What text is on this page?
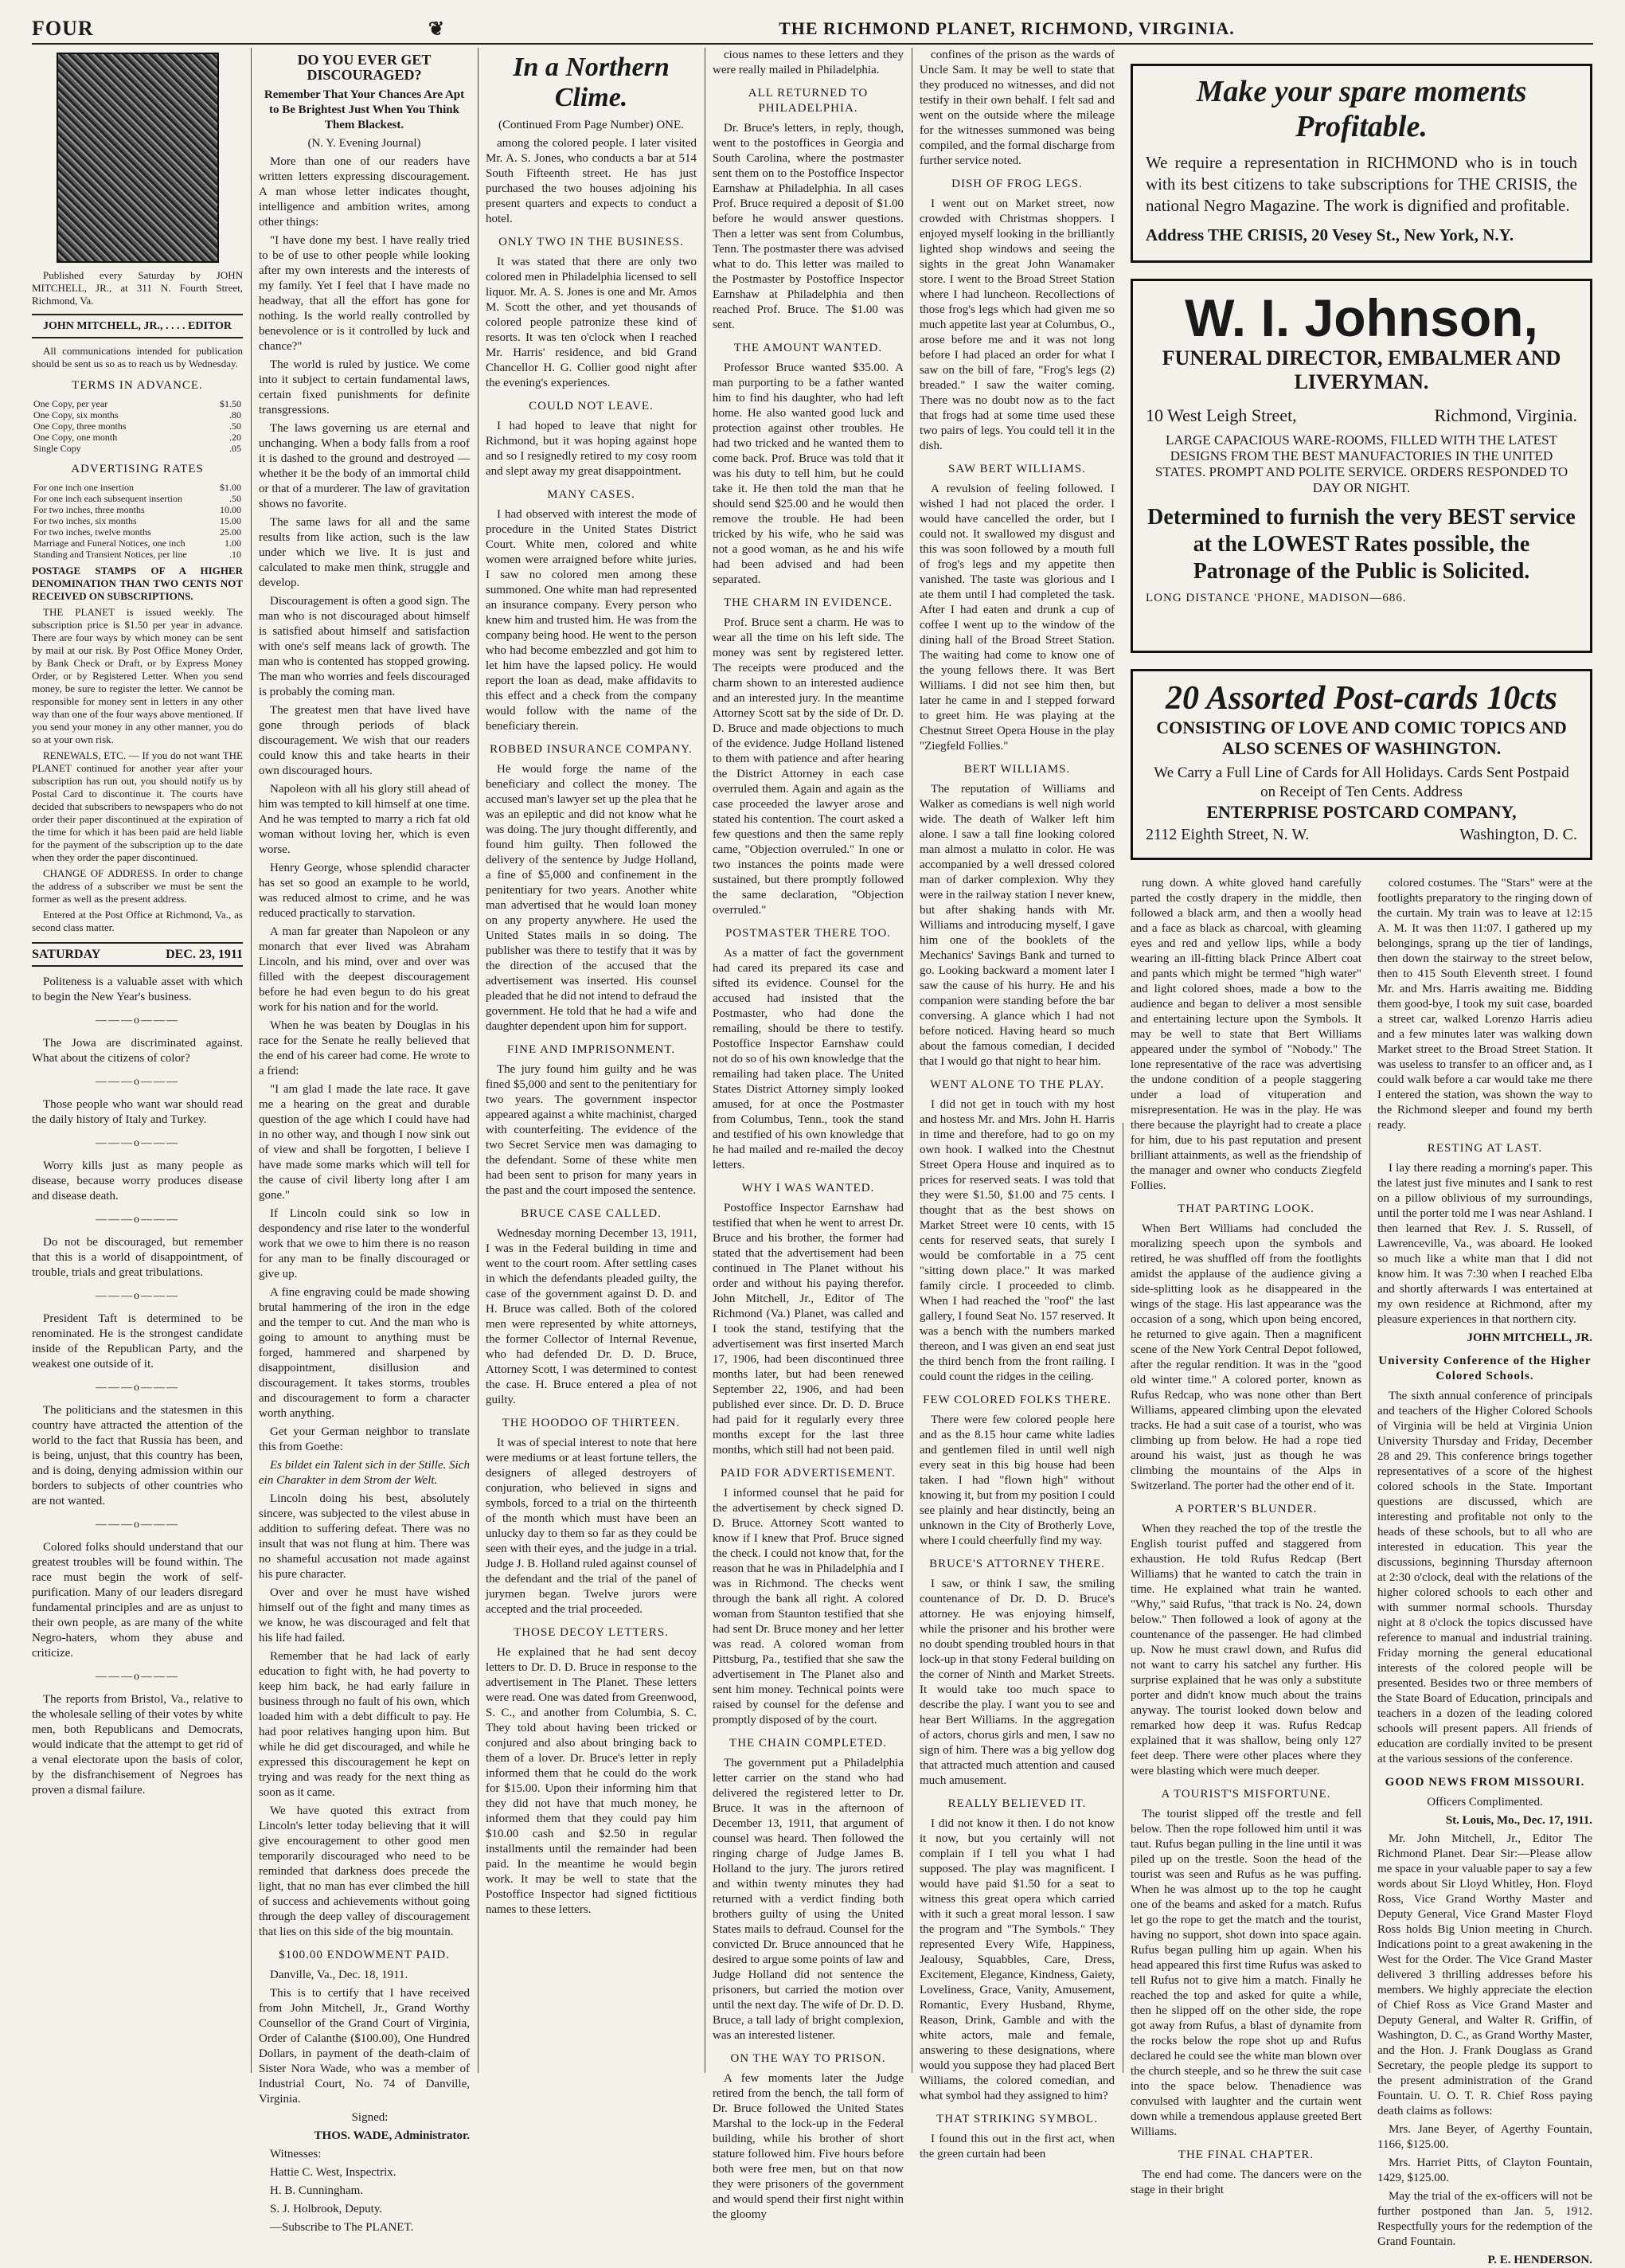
FOUR	❦	THE RICHMOND PLANET, RICHMOND, VIRGINIA.

Published every Saturday by JOHN MITCHELL, JR., at 311 N. Fourth Street, Richmond, Va.

JOHN MITCHELL, JR., . . . . EDITOR

All communications intended for publication should be sent us so as to reach us by Wednesday.

TERMS IN ADVANCE.
One Copy, per year	$1.50
One Copy, six months	.80
One Copy, three months	.50
One Copy, one month	.20
Single Copy	.05
ADVERTISING RATES
For one inch one insertion	$1.00
For one inch each subsequent insertion	.50
For two inches, three months	10.00
For two inches, six months	15.00
For two inches, twelve months	25.00
Marriage and Funeral Notices, one inch	1.00
Standing and Transient Notices, per line	.10

POSTAGE STAMPS OF A HIGHER DENOMINATION THAN TWO CENTS NOT RECEIVED ON SUBSCRIPTIONS.

THE PLANET is issued weekly. The subscription price is $1.50 per year in advance. There are four ways by which money can be sent by mail at our risk. By Post Office Money Order, by Bank Check or Draft, or by Express Money Order, or by Registered Letter. When you send money, be sure to register the letter. We cannot be responsible for money sent in letters in any other way than one of the four ways above mentioned. If you send your money in any other manner, you do so at your own risk.

RENEWALS, ETC. — If you do not want THE PLANET continued for another year after your subscription has run out, you should notify us by Postal Card to discontinue it. The courts have decided that subscribers to newspapers who do not order their paper discontinued at the expiration of the time for which it has been paid are held liable for the payment of the subscription up to the date when they order the paper discontinued.

CHANGE OF ADDRESS. In order to change the address of a subscriber we must be sent the former as well as the present address.

Entered at the Post Office at Richmond, Va., as second class matter.

SATURDAY	DEC. 23, 1911

Politeness is a valuable asset with which to begin the New Year's business.

———o———

The Jowa are discriminated against. What about the citizens of color?

———o———

Those people who want war should read the daily history of Italy and Turkey.

———o———

Worry kills just as many people as disease, because worry produces disease and disease death.

———o———

Do not be discouraged, but remember that this is a world of disappointment, of trouble, trials and great tribulations.

———o———

President Taft is determined to be renominated. He is the strongest candidate inside of the Republican Party, and the weakest one outside of it.

———o———

The politicians and the statesmen in this country have attracted the attention of the world to the fact that Russia has been, and is being, unjust, that this country has been, and is doing, denying admission within our borders to subjects of other countries who are not wanted.

———o———

Colored folks should understand that our greatest troubles will be found within. The race must begin the work of self-purification. Many of our leaders disregard fundamental principles and are as unjust to their own people, as are many of the white Negro-haters, whom they abuse and criticize.

———o———

The reports from Bristol, Va., relative to the wholesale selling of their votes by white men, both Republicans and Democrats, would indicate that the attempt to get rid of a venal electorate upon the basis of color, by the disfranchisement of Negroes has proven a dismal failure.

DO YOU EVER GET DISCOURAGED?

Remember That Your Chances Are Apt to Be Brightest Just When You Think Them Blackest.

(N. Y. Evening Journal)

More than one of our readers have written letters expressing discouragement. A man whose letter indicates thought, intelligence and ambition writes, among other things:

"I have done my best. I have really tried to be of use to other people while looking after my own interests and the interests of my family. Yet I feel that I have made no headway, that all the effort has gone for nothing. Is the world really controlled by benevolence or is it controlled by luck and chance?"

The world is ruled by justice. We come into it subject to certain fundamental laws, certain fixed punishments for definite transgressions.

The laws governing us are eternal and unchanging. When a body falls from a roof it is dashed to the ground and destroyed — whether it be the body of an immortal child or that of a murderer. The law of gravitation shows no favorite.

The same laws for all and the same results from like action, such is the law under which we live. It is just and calculated to make men think, struggle and develop.

Discouragement is often a good sign. The man who is not discouraged about himself is satisfied about himself and satisfaction with one's self means lack of growth. The man who is contented has stopped growing. The man who worries and feels discouraged is probably the coming man.

The greatest men that have lived have gone through periods of black discouragement. We wish that our readers could know this and take hearts in their own discouraged hours.

Napoleon with all his glory still ahead of him was tempted to kill himself at one time. And he was tempted to marry a rich fat old woman without loving her, which is even worse.

Henry George, whose splendid character has set so good an example to he world, was reduced almost to crime, and he was reduced practically to starvation.

A man far greater than Napoleon or any monarch that ever lived was Abraham Lincoln, and his mind, over and over was filled with the deepest discouragement before he had even begun to do his great work for his nation and for the world.

When he was beaten by Douglas in his race for the Senate he really believed that the end of his career had come. He wrote to a friend:

"I am glad I made the late race. It gave me a hearing on the great and durable question of the age which I could have had in no other way, and though I now sink out of view and shall be forgotten, I believe I have made some marks which will tell for the cause of civil liberty long after I am gone."

If Lincoln could sink so low in despondency and rise later to the wonderful work that we owe to him there is no reason for any man to be finally discouraged or give up.

A fine engraving could be made showing brutal hammering of the iron in the edge and the temper to cut. And the man who is going to amount to anything must be forged, hammered and sharpened by disappointment, disillusion and discouragement. It takes storms, troubles and discouragement to form a character worth anything.

Get your German neighbor to translate this from Goethe:

Es bildet ein Talent sich in der Stille. Sich ein Charakter in dem Strom der Welt.

Lincoln doing his best, absolutely sincere, was subjected to the vilest abuse in addition to suffering defeat. There was no insult that was not flung at him. There was no shameful accusation not made against his pure character.

Over and over he must have wished himself out of the fight and many times as we know, he was discouraged and felt that his life had failed.

Remember that he had lack of early education to fight with, he had poverty to keep him back, he had early failure in business through no fault of his own, which loaded him with a debt difficult to pay. He had poor relatives hanging upon him. But while he did get discouraged, and while he expressed this discouragement he kept on trying and was ready for the next thing as soon as it came.

We have quoted this extract from Lincoln's letter today believing that it will give encouragement to other good men temporarily discouraged who need to be reminded that darkness does precede the light, that no man has ever climbed the hill of success and achievements without going through the deep valley of discouragement that lies on this side of the big mountain.

$100.00 ENDOWMENT PAID.

Danville, Va., Dec. 18, 1911.

This is to certify that I have received from John Mitchell, Jr., Grand Worthy Counsellor of the Grand Court of Virginia, Order of Calanthe ($100.00), One Hundred Dollars, in payment of the death-claim of Sister Nora Wade, who was a member of Industrial Court, No. 74 of Danville, Virginia.

Signed:

THOS. WADE, Administrator.

Witnesses:

Hattie C. West, Inspectrix.

H. B. Cunningham.

S. J. Holbrook, Deputy.

—Subscribe to The PLANET.

In a Northern Clime.

(Continued From Page Number) ONE.

among the colored people. I later visited Mr. A. S. Jones, who conducts a bar at 514 South Fifteenth street. He has just purchased the two houses adjoining his present quarters and expects to conduct a hotel.

ONLY TWO IN THE BUSINESS.

It was stated that there are only two colored men in Philadelphia licensed to sell liquor. Mr. A. S. Jones is one and Mr. Amos M. Scott the other, and yet thousands of colored people patronize these kind of resorts. It was ten o'clock when I reached Mr. Harris' residence, and bid Grand Chancellor H. G. Collier good night after the evening's experiences.

COULD NOT LEAVE.

I had hoped to leave that night for Richmond, but it was hoping against hope and so I resignedly retired to my cosy room and slept away my great disappointment.

MANY CASES.

I had observed with interest the mode of procedure in the United States District Court. White men, colored and white women were arraigned before white juries. I saw no colored men among these summoned. One white man had represented an insurance company. Every person who knew him and trusted him. He was from the company being hood. He went to the person who had become embezzled and got him to let him have the lapsed policy. He would report the loan as dead, make affidavits to this effect and a check from the company would follow with the name of the beneficiary therein.

ROBBED INSURANCE COMPANY.

He would forge the name of the beneficiary and collect the money. The accused man's lawyer set up the plea that he was an epileptic and did not know what he was doing. The jury thought differently, and found him guilty. Then followed the delivery of the sentence by Judge Holland, a fine of $5,000 and confinement in the penitentiary for two years. Another white man advertised that he would loan money on any property anywhere. He used the United States mails in so doing. The publisher was there to testify that it was by the direction of the accused that the advertisement was inserted. His counsel pleaded that he did not intend to defraud the government. He told that he had a wife and daughter dependent upon him for support.

FINE AND IMPRISONMENT.

The jury found him guilty and he was fined $5,000 and sent to the penitentiary for two years. The government inspector appeared against a white machinist, charged with counterfeiting. The evidence of the two Secret Service men was damaging to the defendant. Some of these white men had been sent to prison for many years in the past and the court imposed the sentence.

BRUCE CASE CALLED.

Wednesday morning December 13, 1911, I was in the Federal building in time and went to the court room. After settling cases in which the defendants pleaded guilty, the case of the government against D. D. and H. Bruce was called. Both of the colored men were represented by white attorneys, the former Collector of Internal Revenue, who had defended Dr. D. D. Bruce, Attorney Scott, I was determined to contest the case. H. Bruce entered a plea of not guilty.

THE HOODOO OF THIRTEEN.

It was of special interest to note that here were mediums or at least fortune tellers, the designers of alleged destroyers of conjuration, who believed in signs and symbols, forced to a trial on the thirteenth of the month which must have been an unlucky day to them so far as they could be seen with their eyes, and the judge in a trial. Judge J. B. Holland ruled against counsel of the defendant and the trial of the panel of jurymen began. Twelve jurors were accepted and the trial proceeded.

THOSE DECOY LETTERS.

He explained that he had sent decoy letters to Dr. D. D. Bruce in response to the advertisement in The Planet. These letters were read. One was dated from Greenwood, S. C., and another from Columbia, S. C. They told about having been tricked or conjured and also about bringing back to them of a lover. Dr. Bruce's letter in reply informed them that he could do the work for $15.00. Upon their informing him that they did not have that much money, he informed them that they could pay him $10.00 cash and $2.50 in regular installments until the remainder had been paid. In the meantime he would begin work. It may be well to state that the Postoffice Inspector had signed fictitious names to these letters.

cious names to these letters and they were really mailed in Philadelphia.

ALL RETURNED TO PHILADELPHIA.

Dr. Bruce's letters, in reply, though, went to the postoffices in Georgia and South Carolina, where the postmaster sent them on to the Postoffice Inspector Earnshaw at Philadelphia. In all cases Prof. Bruce required a deposit of $1.00 before he would answer questions. Then a letter was sent from Columbus, Tenn. The postmaster there was advised what to do. This letter was mailed to the Postmaster by Postoffice Inspector Earnshaw at Philadelphia and then reached Prof. Bruce. The $1.00 was sent.

THE AMOUNT WANTED.

Professor Bruce wanted $35.00. A man purporting to be a father wanted him to find his daughter, who had left home. He also wanted good luck and protection against other troubles. He had two tricked and he wanted them to come back. Prof. Bruce was told that it was his duty to tell him, but he could take it. He then told the man that he should send $25.00 and he would then remove the trouble. He had been tricked by his wife, who he said was not a good woman, as he and his wife had been advised and had been separated.

THE CHARM IN EVIDENCE.

Prof. Bruce sent a charm. He was to wear all the time on his left side. The money was sent by registered letter. The receipts were produced and the charm shown to an interested audience and an interested jury. In the meantime Attorney Scott sat by the side of Dr. D. D. Bruce and made objections to much of the evidence. Judge Holland listened to them with patience and after hearing the District Attorney in each case overruled them. Again and again as the case proceeded the lawyer arose and stated his contention. The court asked a few questions and then the same reply came, "Objection overruled." In one or two instances the points made were sustained, but there promptly followed the same declaration, "Objection overruled."

POSTMASTER THERE TOO.

As a matter of fact the government had cared its prepared its case and sifted its evidence. Counsel for the accused had insisted that the Postmaster, who had done the remailing, should be there to testify. Postoffice Inspector Earnshaw could not do so of his own knowledge that the remailing had taken place. The United States District Attorney simply looked amused, for at once the Postmaster from Columbus, Tenn., took the stand and testified of his own knowledge that he had mailed and re-mailed the decoy letters.

WHY I WAS WANTED.

Postoffice Inspector Earnshaw had testified that when he went to arrest Dr. Bruce and his brother, the former had stated that the advertisement had been continued in The Planet without his order and without his paying therefor. John Mitchell, Jr., Editor of The Richmond (Va.) Planet, was called and I took the stand, testifying that the advertisement was first inserted March 17, 1906, had been discontinued three months later, but had been renewed September 22, 1906, and had been published ever since. Dr. D. D. Bruce had paid for it regularly every three months except for the last three months, which still had not been paid.

PAID FOR ADVERTISEMENT.

I informed counsel that he paid for the advertisement by check signed D. D. Bruce. Attorney Scott wanted to know if I knew that Prof. Bruce signed the check. I could not know that, for the reason that he was in Philadelphia and I was in Richmond. The checks went through the bank all right. A colored woman from Staunton testified that she had sent Dr. Bruce money and her letter was read. A colored woman from Pittsburg, Pa., testified that she saw the advertisement in The Planet also and sent him money. Technical points were raised by counsel for the defense and promptly disposed of by the court.

THE CHAIN COMPLETED.

The government put a Philadelphia letter carrier on the stand who had delivered the registered letter to Dr. Bruce. It was in the afternoon of December 13, 1911, that argument of counsel was heard. Then followed the ringing charge of Judge James B. Holland to the jury. The jurors retired and within twenty minutes they had returned with a verdict finding both brothers guilty of using the United States mails to defraud. Counsel for the convicted Dr. Bruce announced that he desired to argue some points of law and Judge Holland did not sentence the prisoners, but carried the motion over until the next day. The wife of Dr. D. D. Bruce, a tall lady of bright complexion, was an interested listener.

ON THE WAY TO PRISON.

A few moments later the Judge retired from the bench, the tall form of Dr. Bruce followed the United States Marshal to the lock-up in the Federal building, while his brother of short stature followed him. Five hours before both were free men, but on that now they were prisoners of the government and would spend their first night within the gloomy

confines of the prison as the wards of Uncle Sam. It may be well to state that they produced no witnesses, and did not testify in their own behalf. I felt sad and went on the outside where the mileage for the witnesses summoned was being compiled, and the formal discharge from further service noted.

DISH OF FROG LEGS.

I went out on Market street, now crowded with Christmas shoppers. I enjoyed myself looking in the brilliantly lighted shop windows and seeing the sights in the great John Wanamaker store. I went to the Broad Street Station where I had luncheon. Recollections of those frog's legs which had given me so much appetite last year at Columbus, O., arose before me and it was not long before I had placed an order for what I saw on the bill of fare, "Frog's legs (2) breaded." I saw the waiter coming. There was no doubt now as to the fact that frogs had at some time used these two pairs of legs. You could tell it in the dish.

SAW BERT WILLIAMS.

A revulsion of feeling followed. I wished I had not placed the order. I would have cancelled the order, but I could not. It swallowed my disgust and this was soon followed by a mouth full of frog's legs and my appetite then vanished. The taste was glorious and I ate them until I had completed the task. After I had eaten and drunk a cup of coffee I went up to the window of the dining hall of the Broad Street Station. The waiting had come to know one of the young fellows there. It was Bert Williams. I did not see him then, but later he came in and I stepped forward to greet him. He was playing at the Chestnut Street Opera House in the play "Ziegfeld Follies."

BERT WILLIAMS.

The reputation of Williams and Walker as comedians is well nigh world wide. The death of Walker left him alone. I saw a tall fine looking colored man almost a mulatto in color. He was accompanied by a well dressed colored man of darker complexion. Why they were in the railway station I never knew, but after shaking hands with Mr. Williams and introducing myself, I gave him one of the booklets of the Mechanics' Savings Bank and turned to go. Looking backward a moment later I saw the cause of his hurry. He and his companion were standing before the bar conversing. A glance which I had not before noticed. Having heard so much about the famous comedian, I decided that I would go that night to hear him.

WENT ALONE TO THE PLAY.

I did not get in touch with my host and hostess Mr. and Mrs. John H. Harris in time and therefore, had to go on my own hook. I walked into the Chestnut Street Opera House and inquired as to prices for reserved seats. I was told that they were $1.50, $1.00 and 75 cents. I thought that as the best shows on Market Street were 10 cents, with 15 cents for reserved seats, that surely I would be comfortable in a 75 cent "sitting down place." It was marked family circle. I proceeded to climb. When I had reached the "roof" the last gallery, I found Seat No. 157 reserved. It was a bench with the numbers marked thereon, and I was given an end seat just the third bench from the front railing. I could count the ridges in the ceiling.

FEW COLORED FOLKS THERE.

There were few colored people here and as the 8.15 hour came white ladies and gentlemen filed in until well nigh every seat in this big house had been taken. I had "flown high" without knowing it, but from my position I could see plainly and hear distinctly, being an unknown in the City of Brotherly Love, where I could cheerfully find my way.

BRUCE'S ATTORNEY THERE.

I saw, or think I saw, the smiling countenance of Dr. D. D. Bruce's attorney. He was enjoying himself, while the prisoner and his brother were no doubt spending troubled hours in that lock-up in that stony Federal building on the corner of Ninth and Market Streets. It would take too much space to describe the play. I want you to see and hear Bert Williams. In the aggregation of actors, chorus girls and men, I saw no sign of him. There was a big yellow dog that attracted much attention and caused much amusement.

REALLY BELIEVED IT.

I did not know it then. I do not know it now, but you certainly will not complain if I tell you what I had supposed. The play was magnificent. I would have paid $1.50 for a seat to witness this great opera which carried with it such a great moral lesson. I saw the program and "The Symbols." They represented Every Wife, Happiness, Jealousy, Squabbles, Care, Dress, Excitement, Elegance, Kindness, Gaiety, Loveliness, Grace, Vanity, Amusement, Romantic, Every Husband, Rhyme, Reason, Drink, Gamble and with the white actors, male and female, answering to these designations, where would you suppose they had placed Bert Williams, the colored comedian, and what symbol had they assigned to him?

THAT STRIKING SYMBOL.

I found this out in the first act, when the green curtain had been

Make your spare moments Profitable.
We require a representation in RICHMOND who is in touch with its best citizens to take subscriptions for THE CRISIS, the national Negro Magazine. The work is dignified and profitable.
Address THE CRISIS, 20 Vesey St., New York, N.Y.
W. I. Johnson,
FUNERAL DIRECTOR, EMBALMER AND LIVERYMAN.
10 West Leigh Street,	Richmond, Virginia.
LARGE CAPACIOUS WARE-ROOMS, FILLED WITH THE LATEST DESIGNS FROM THE BEST MANUFACTORIES IN THE UNITED STATES. PROMPT AND POLITE SERVICE. ORDERS RESPONDED TO DAY OR NIGHT.
Determined to furnish the very BEST service at the LOWEST Rates possible, the Patronage of the Public is Solicited.
LONG DISTANCE 'PHONE, MADISON—686.
20 Assorted Post-cards 10cts
CONSISTING OF LOVE AND COMIC TOPICS AND ALSO SCENES OF WASHINGTON.
We Carry a Full Line of Cards for All Holidays. Cards Sent Postpaid on Receipt of Ten Cents. Address
ENTERPRISE POSTCARD COMPANY,
2112 Eighth Street, N. W.	Washington, D. C.

rung down. A white gloved hand carefully parted the costly drapery in the middle, then followed a black arm, and then a woolly head and a face as black as charcoal, with gleaming eyes and red and yellow lips, while a body wearing an ill-fitting black Prince Albert coat and pants which might be termed "high water" and light colored shoes, made a bow to the audience and began to deliver a most sensible and entertaining lecture upon the Symbols. It may be well to state that Bert Williams appeared under the symbol of "Nobody." The lone representative of the race was advertising the undone condition of a people staggering under a load of vituperation and misrepresentation. He was in the play. He was there because the playright had to create a place for him, due to his past reputation and present brilliant attainments, as well as the friendship of the manager and owner who conducts Ziegfeld Follies.

THAT PARTING LOOK.

When Bert Williams had concluded the moralizing speech upon the symbols and retired, he was shuffled off from the footlights amidst the applause of the audience giving a side-splitting look as he disappeared in the wings of the stage. His last appearance was the occasion of a song, which upon being encored, he returned to give again. Then a magnificent scene of the New York Central Depot followed, after the regular rendition. It was in the "good old winter time." A colored porter, known as Rufus Redcap, who was none other than Bert Williams, appeared climbing upon the elevated tracks. He had a suit case of a tourist, who was climbing up from below. He had a rope tied around his waist, just as though he was climbing the mountains of the Alps in Switzerland. The porter had the other end of it.

A PORTER'S BLUNDER.

When they reached the top of the trestle the English tourist puffed and staggered from exhaustion. He told Rufus Redcap (Bert Williams) that he wanted to catch the train in time. He explained what train he wanted. "Why," said Rufus, "that track is No. 24, down below." Then followed a look of agony at the countenance of the passenger. He had climbed up. Now he must crawl down, and Rufus did not want to carry his satchel any further. His surprise explained that he was only a substitute porter and didn't know much about the trains anyway. The tourist looked down below and remarked how deep it was. Rufus Redcap explained that it was shallow, being only 127 feet deep. There were other places where they were blasting which were much deeper.

A TOURIST'S MISFORTUNE.

The tourist slipped off the trestle and fell below. Then the rope followed him until it was taut. Rufus began pulling in the line until it was piled up on the trestle. Soon the head of the tourist was seen and Rufus as he was puffing. When he was almost up to the top he caught one of the beams and asked for a match. Rufus let go the rope to get the match and the tourist, having no support, shot down into space again. Rufus began pulling him up again. When his head appeared this first time Rufus was asked to tell Rufus not to give him a match. Finally he reached the top and asked for quite a while, then he slipped off on the other side, the rope got away from Rufus, a blast of dynamite from the rocks below the rope shot up and Rufus declared he could see the white man blown over the church steeple, and so he threw the suit case into the space below. Thenadience was convulsed with laughter and the curtain went down while a tremendous applause greeted Bert Williams.

THE FINAL CHAPTER.

The end had come. The dancers were on the stage in their bright

colored costumes. The "Stars" were at the footlights preparatory to the ringing down of the curtain. My train was to leave at 12:15 A. M. It was then 11:07. I gathered up my belongings, sprang up the tier of landings, then down the stairway to the street below, then to 415 South Eleventh street. I found Mr. and Mrs. Harris awaiting me. Bidding them good-bye, I took my suit case, boarded a street car, walked Lorenzo Harris adieu and a few minutes later was walking down Market street to the Broad Street Station. It was useless to transfer to an officer and, as I could walk before a car would take me there I entered the station, was shown the way to the Richmond sleeper and found my berth ready.

RESTING AT LAST.

I lay there reading a morning's paper. This the latest just five minutes and I sank to rest on a pillow oblivious of my surroundings, until the porter told me I was near Ashland. I then learned that Rev. J. S. Russell, of Lawrenceville, Va., was aboard. He looked so much like a white man that I did not know him. It was 7:30 when I reached Elba and shortly afterwards I was entertained at my own residence at Richmond, after my pleasure experiences in that northern city.

JOHN MITCHELL, JR.

University Conference of the Higher Colored Schools.

The sixth annual conference of principals and teachers of the Higher Colored Schools of Virginia will be held at Virginia Union University Thursday and Friday, December 28 and 29. This conference brings together representatives of a score of the highest colored schools in the State. Important questions are discussed, which are interesting and profitable not only to the heads of these schools, but to all who are interested in education. This year the discussions, beginning Thursday afternoon at 2:30 o'clock, deal with the relations of the higher colored schools to each other and with summer normal schools. Thursday night at 8 o'clock the topics discussed have reference to manual and industrial training. Friday morning the general educational interests of the colored people will be presented. Besides two or three members of the State Board of Education, principals and teachers in a dozen of the leading colored schools will present papers. All friends of education are cordially invited to be present at the various sessions of the conference.

GOOD NEWS FROM MISSOURI.

Officers Complimented.

St. Louis, Mo., Dec. 17, 1911.

Mr. John Mitchell, Jr., Editor The Richmond Planet. Dear Sir:—Please allow me space in your valuable paper to say a few words about Sir Lloyd Whitley, Hon. Floyd Ross, Vice Grand Worthy Master and Deputy General, Vice Grand Master Floyd Ross holds Big Union meeting in Church. Indications point to a great awakening in the West for the Order. The Vice Grand Master delivered 3 thrilling addresses before his members. We highly appreciate the election of Chief Ross as Vice Grand Master and Deputy General, and Walter R. Griffin, of Washington, D. C., as Grand Worthy Master, and the Hon. J. Frank Douglass as Grand Secretary, the people pledge its support to the present administration of the Grand Fountain. U. O. T. R. Chief Ross paying death claims as follows:

Mrs. Jane Beyer, of Agerthy Fountain, 1166, $125.00.

Mrs. Harriet Pitts, of Clayton Fountain, 1429, $125.00.

May the trial of the ex-officers will not be further postponed than Jan. 5, 1912. Respectfully yours for the redemption of the Grand Fountain.

P. E. HENDERSON.
